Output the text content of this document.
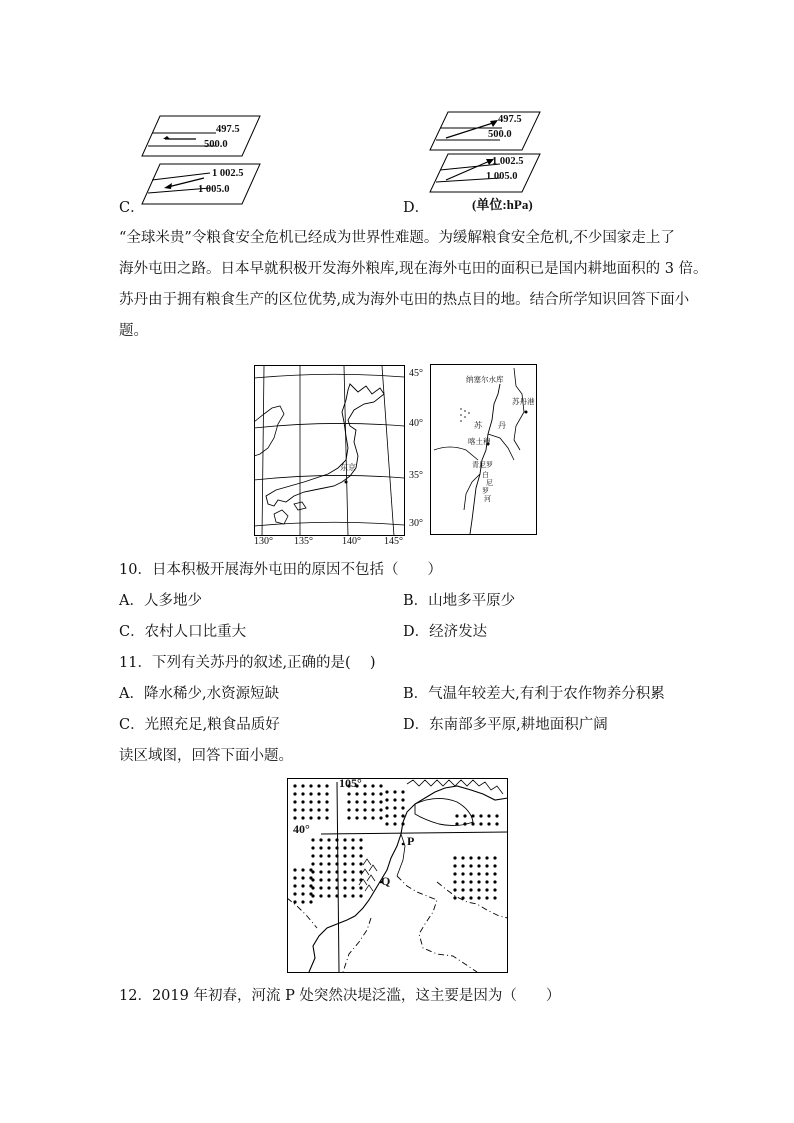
497.5
500.0
1 002.5
1 005.0
C．
497.5
500.0
1 002.5
1 005.0
D．	(单位:hPa)
“全球米贵”令粮食安全危机已经成为世界性难题。为缓解粮食安全危机,不少国家走上了
海外屯田之路。日本早就积极开发海外粮库,现在海外屯田的面积已是国内耕地面积的 3 倍。
苏丹由于拥有粮食生产的区位优势,成为海外屯田的热点目的地。结合所学知识回答下面小
题。
东京
45°
40°
35°
30°
130° 135°	140° 145°
纳塞尔水库
苏丹港
苏 丹
喀土穆
青尼罗
白
尼
罗
河
10．日本积极开展海外屯田的原因不包括（　　）
A．人多地少	B．山地多平原少
C．农村人口比重大	D．经济发达
11．下列有关苏丹的叙述,正确的是(　 )
A．降水稀少,水资源短缺	B．气温年较差大,有利于农作物养分积累
C．光照充足,粮食品质好	D．东南部多平原,耕地面积广阔
读区域图，回答下面小题。
105°
40°
P
Q
12．2019 年初春，河流 P 处突然决堤泛滥，这主要是因为（　　）
